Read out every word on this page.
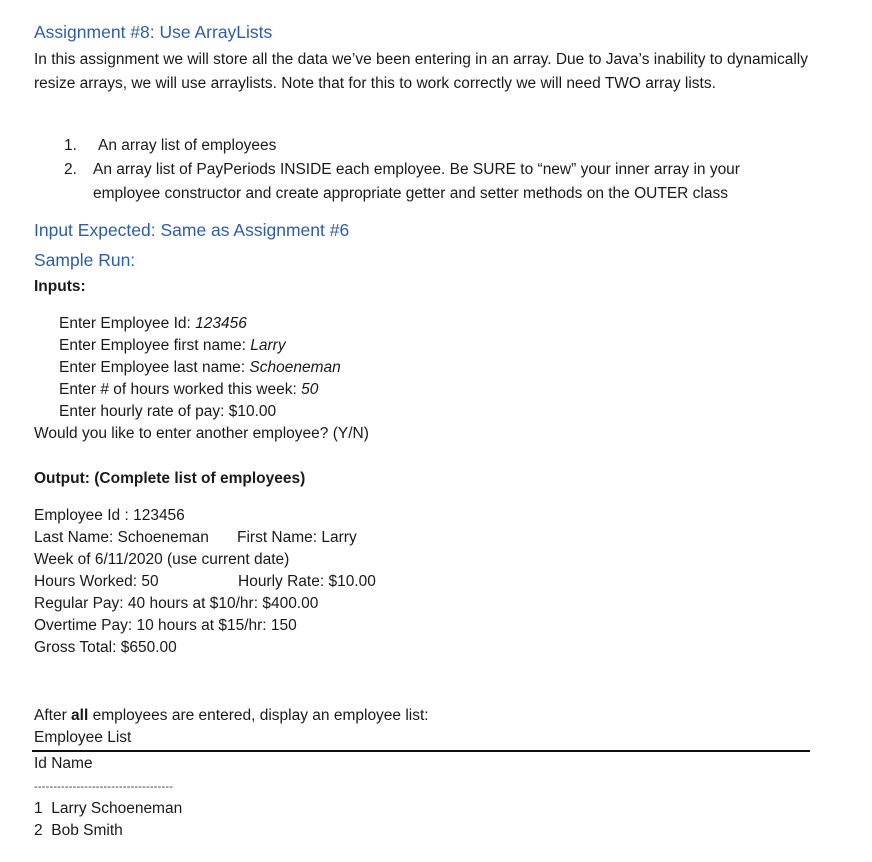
Assignment #8: Use ArrayLists
In this assignment we will store all the data we’ve been entering in an array. Due to Java’s inability to dynamically resize arrays, we will use arraylists. Note that for this to work correctly we will need TWO array lists.
1. An array list of employees
2. An array list of PayPeriods INSIDE each employee. Be SURE to “new” your inner array in your
employee constructor and create appropriate getter and setter methods on the OUTER class
Input Expected: Same as Assignment #6
Sample Run:
Inputs:
Enter Employee Id: 123456
Enter Employee first name: Larry
Enter Employee last name: Schoeneman
Enter # of hours worked this week: 50
Enter hourly rate of pay: $10.00
Would you like to enter another employee? (Y/N)
Output: (Complete list of employees)
Employee Id : 123456
Last Name: Schoeneman First Name: Larry
Week of 6/11/2020 (use current date)
Hours Worked: 50	Hourly Rate: $10.00
Regular Pay: 40 hours at $10/hr: $400.00
Overtime Pay: 10 hours at $15/hr: 150
Gross Total: $650.00
After all employees are entered, display an employee list:
Employee List
Id Name
------------------------------------
1 Larry Schoeneman
2 Bob Smith
